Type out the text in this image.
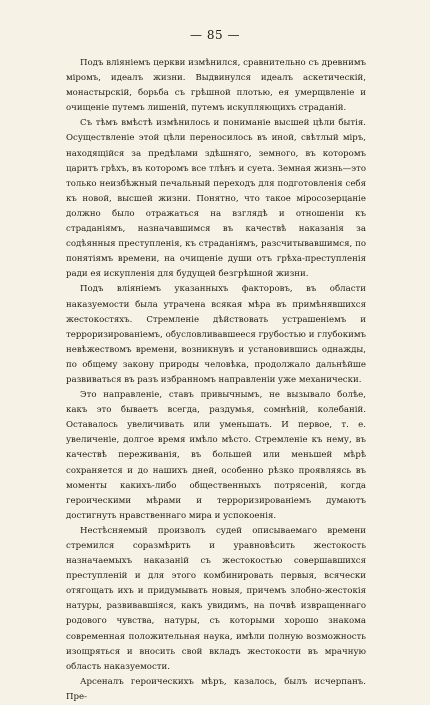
— 85 —

Подъ вліяніемъ церкви измѣнился, сравнительно съ древнимъ міромъ, идеалъ жизни. Выдвинулся идеалъ аскетическій, монастырскій, борьба съ грѣшной плотью, ея умерщвленіе и очищеніе путемъ лишеній, путемъ искупляющихъ страданій.

Съ тѣмъ вмѣстѣ измѣнилось и пониманіе высшей цѣли бытія. Осуществленіе этой цѣли переносилось въ иной, свѣтлый міръ, находящійся за предѣлами здѣшняго, земного, въ которомъ царитъ грѣхъ, въ которомъ все тлѣнъ и суета. Земная жизнь—это только неизбѣжный печальный переходъ для подготовленія себя къ новой, высшей жизни. Понятно, что такое міросозерцаніе должно было отражаться на взглядѣ и отношеніи къ страданіямъ, назначавшимся въ качествѣ наказанія за содѣянныя преступленія, къ страданіямъ, разсчитывавшимся, по понятіямъ времени, на очищеніе души отъ грѣха-преступленія ради ея искупленія для будущей безгрѣшной жизни.

Подъ вліяніемъ указанныхъ факторовъ, въ области наказуемости была утрачена всякая мѣра въ примѣнявшихся жестокостяхъ. Стремленіе дѣйствовать устрашеніемъ и терроризированіемъ, обусловливавшееся грубостью и глубокимъ невѣжествомъ времени, возникнувъ и установившись однажды, по общему закону природы человѣка, продолжало дальнѣйше развиваться въ разъ избранномъ направленіи уже механически.

Это направленіе, ставъ привычнымъ, не вызывало болѣе, какъ это бываетъ всегда, раздумья, сомнѣній, колебаній. Оставалось увеличивать или уменьшать. И первое, т. е. увеличеніе, долгое время имѣло мѣсто. Стремленіе къ нему, въ качествѣ переживанія, въ большей или меньшей мѣрѣ сохраняется и до нашихъ дней, особенно рѣзко проявляясь въ моменты какихъ-либо общественныхъ потрясеній, когда героическими мѣрами и терроризированіемъ думаютъ достигнуть нравственнаго мира и успокоенія.

Нестѣсняемый произволъ судей описываемаго времени стремился соразмѣрить и уравновѣсить жестокость назначаемыхъ наказаній съ жестокостью совершавшихся преступленій и для этого комбинировать первыя, всячески отягощать ихъ и придумывать новыя, причемъ злобно-жестокія натуры, развивавшіяся, какъ увидимъ, на почвѣ извращеннаго родового чувства, натуры, съ которыми хорошо знакома современная положительная наука, имѣли полную возможность изощряться и вносить свой вкладъ жестокости въ мрачную область наказуемости.

Арсеналъ героическихъ мѣръ, казалось, былъ исчерпанъ. Пре-
